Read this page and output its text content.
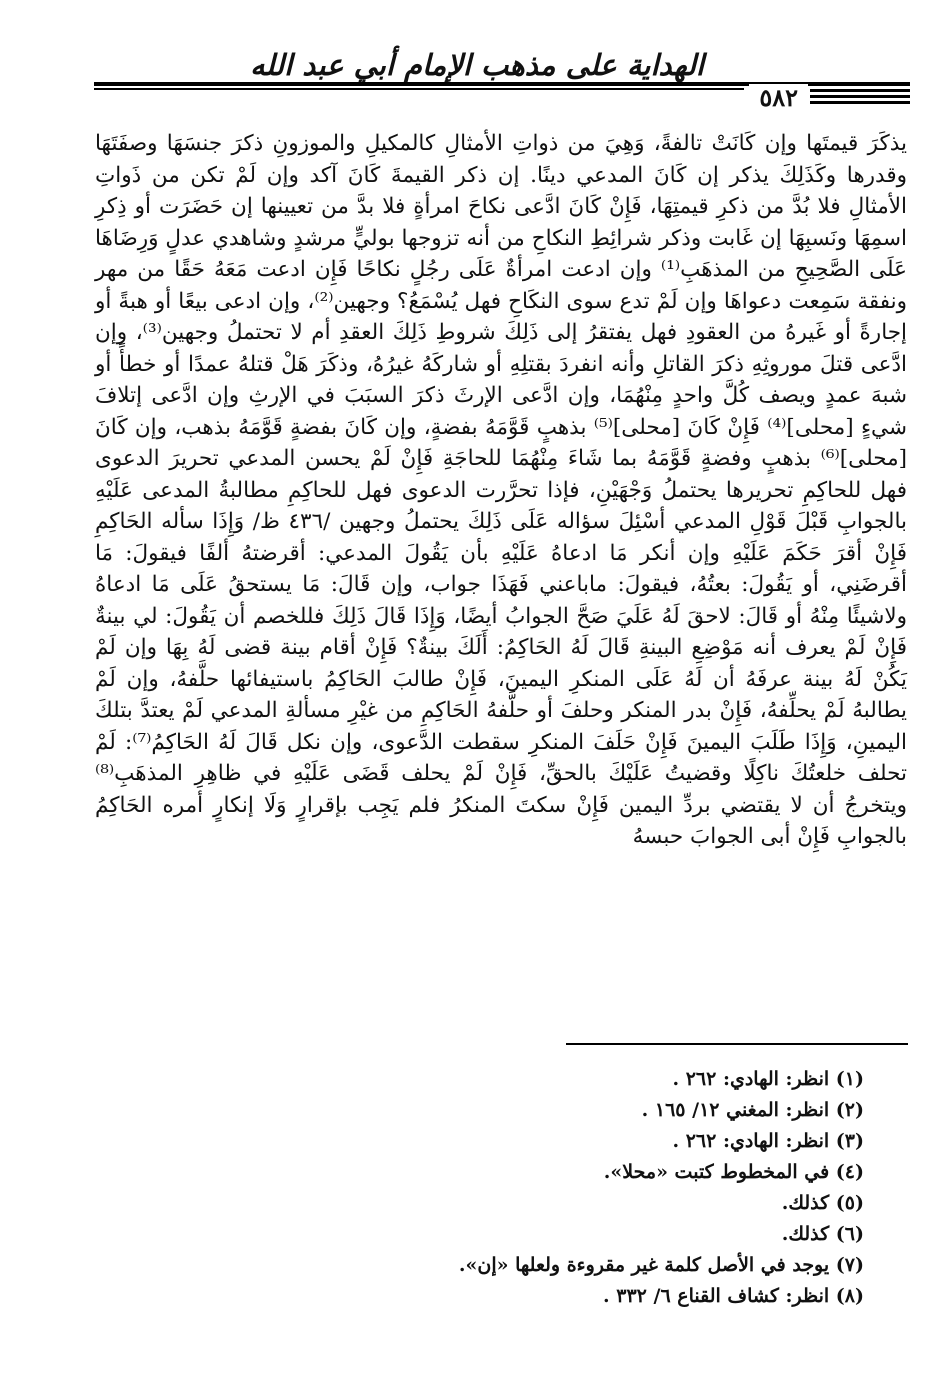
الهداية على مذهب الإمام أبي عبد الله
٥٨٢

يذكَرَ قيمتَها وإن كَانَتْ تالفةً، وَهِيَ من ذواتِ الأمثالِ كالمكيلِ والموزونِ ذكرَ جنسَهَا وصفَتَهَا وقدرها وكَذَلِكَ يذكر إن كَانَ المدعي دينًا. إن ذكر القيمةَ كَانَ آكد وإن لَمْ تكن من ذَواتِ الأمثالِ فلا بُدَّ من ذكرِ قيمتِهَا، فَإِنْ كَانَ ادَّعى نكاحَ امرأةٍ فلا بدَّ من تعيينها إن حَضَرَت أو ذِكرِ اسمِهَا ونَسبِهَا إن غَابت وذكر شرائِطِ النكاحِ من أنه تزوجها بوليٍّ مرشدٍ وشاهدي عدلٍ وَرِضَاهَا عَلَى الصَّحِيحِ من المذهَبِ⁽¹⁾ وإن ادعت امرأةٌ عَلَى رجُلٍ نكاحًا فَإِن ادعت مَعَهُ حَقًا من مهر ونفقة سَمِعت دعواهَا وإن لَمْ تدع سوى النكَاحِ فهل يُسْمَعُ؟ وجهين⁽²⁾، وإن ادعى بيعًا أو هبةً أو إجارةً أو غَيرهُ من العقودِ فهل يفتقرُ إلى ذَلِكَ شروطِ ذَلِكَ العقدِ أم لا تحتملُ وجهين⁽³⁾، وإن ادَّعى قتلَ موروثِهِ ذكرَ القاتلِ وأنه انفردَ بقتلِهِ أو شاركَهُ غيرُهُ، وذكَرَ هَلْ قتلهُ عمدًا أو خطأً أو شبهَ عمدٍ ويصف كُلَّ واحدٍ مِنْهُمَا، وإن ادَّعى الإرثَ ذكرَ السبَبَ في الإرثِ وإن ادَّعى إتلافَ شيءٍ [محلى]⁽⁴⁾ فَإِنْ كَانَ [محلى]⁽⁵⁾ بذهبٍ قَوَّمَهُ بفضةٍ، وإن كَانَ بفضةٍ قَوَّمَهُ بذهب، وإن كَانَ [محلى]⁽⁶⁾ بذهبٍ وفضةٍ قَوَّمَهُ بما شَاءَ مِنْهُمَا للحاجَةِ فَإِنْ لَمْ يحسن المدعي تحريرَ الدعوى فهل للحاكِمِ تحريرها يحتملُ وَجْهَيْنِ، فإذا تحرَّرت الدعوى فهل للحاكِمِ مطالبةُ المدعى عَلَيْهِ بالجوابِ قَبْلَ قَوْلِ المدعي أسْئِلَ سؤاله عَلَى ذَلِكَ يحتملُ وجهين /٤٣٦ ظ/ وَإِذَا سأله الحَاكِمِ فَإِنْ أقرَ حَكَمَ عَلَيْهِ وإن أنكر مَا ادعاهُ عَلَيْهِ بأن يَقُولَ المدعي: أقرضتهُ ألفًا فيقولَ: مَا أقرضَنِي، أو يَقُولَ: بعتُهُ، فيقولَ: ماباعني فَهَذَا جواب، وإن قَالَ: مَا يستحقُ عَلَى مَا ادعاهُ ولاشيئًا مِنْهُ أو قَالَ: لاحقَ لَهُ عَلَيَ صَحَّ الجوابُ أيضًا، وَإِذَا قَالَ ذَلِكَ فللخصم أن يَقُولَ: لي بينةٌ فَإِنْ لَمْ يعرف أنه مَوْضِعِ البينةِ قَالَ لَهُ الحَاكِمُ: أَلَكَ بينةٌ؟ فَإِنْ أقام بينة قضى لَهُ بِهَا وإن لَمْ يَكُنْ لَهُ بينة عرفَهُ أن لَهُ عَلَى المنكرِ اليمينَ، فَإِنْ طالبَ الحَاكِمُ باستيفائها حلَّفهُ، وإن لَمْ يطالبهُ لَمْ يحلِّفهُ، فَإِنْ بدر المنكر وحلفَ أو حلَّفهُ الحَاكِمِ من غيْرِ مسألةِ المدعي لَمْ يعتدَّ بتلكَ اليمينِ، وَإِذَا طَلَبَ اليمينَ فَإِنْ حَلَفَ المنكرِ سقطت الدَّعوى، وإن نكل قَالَ لَهُ الحَاكِمُ⁽⁷⁾: لَمْ تحلف خلعتُكَ ناكِلًا وقضيتُ عَلَيْكَ بالحقِّ، فَإِنْ لَمْ يحلف قَضَى عَلَيْهِ في ظاهِرِ المذهَبِ⁽⁸⁾ ويتخرجُ أن لا يقتضي بردِّ اليمين فَإِنْ سكتَ المنكرُ فلم يَجِب بإقرارٍ وَلَا إنكارٍ أمره الحَاكِمُ بالجوابِ فَإِنْ أبى الجوابَ حبسهُ

(١) انظر: الهادي: ٢٦٢ .
(٢) انظر: المغني ١٢/ ١٦٥ .
(٣) انظر: الهادي: ٢٦٢ .
(٤) في المخطوط كتبت «محلا».
(٥) كذلك.
(٦) كذلك.
(٧) يوجد في الأصل كلمة غير مقروءة ولعلها «إن».
(٨) انظر: كشاف القناع ٦/ ٣٣٢ .
